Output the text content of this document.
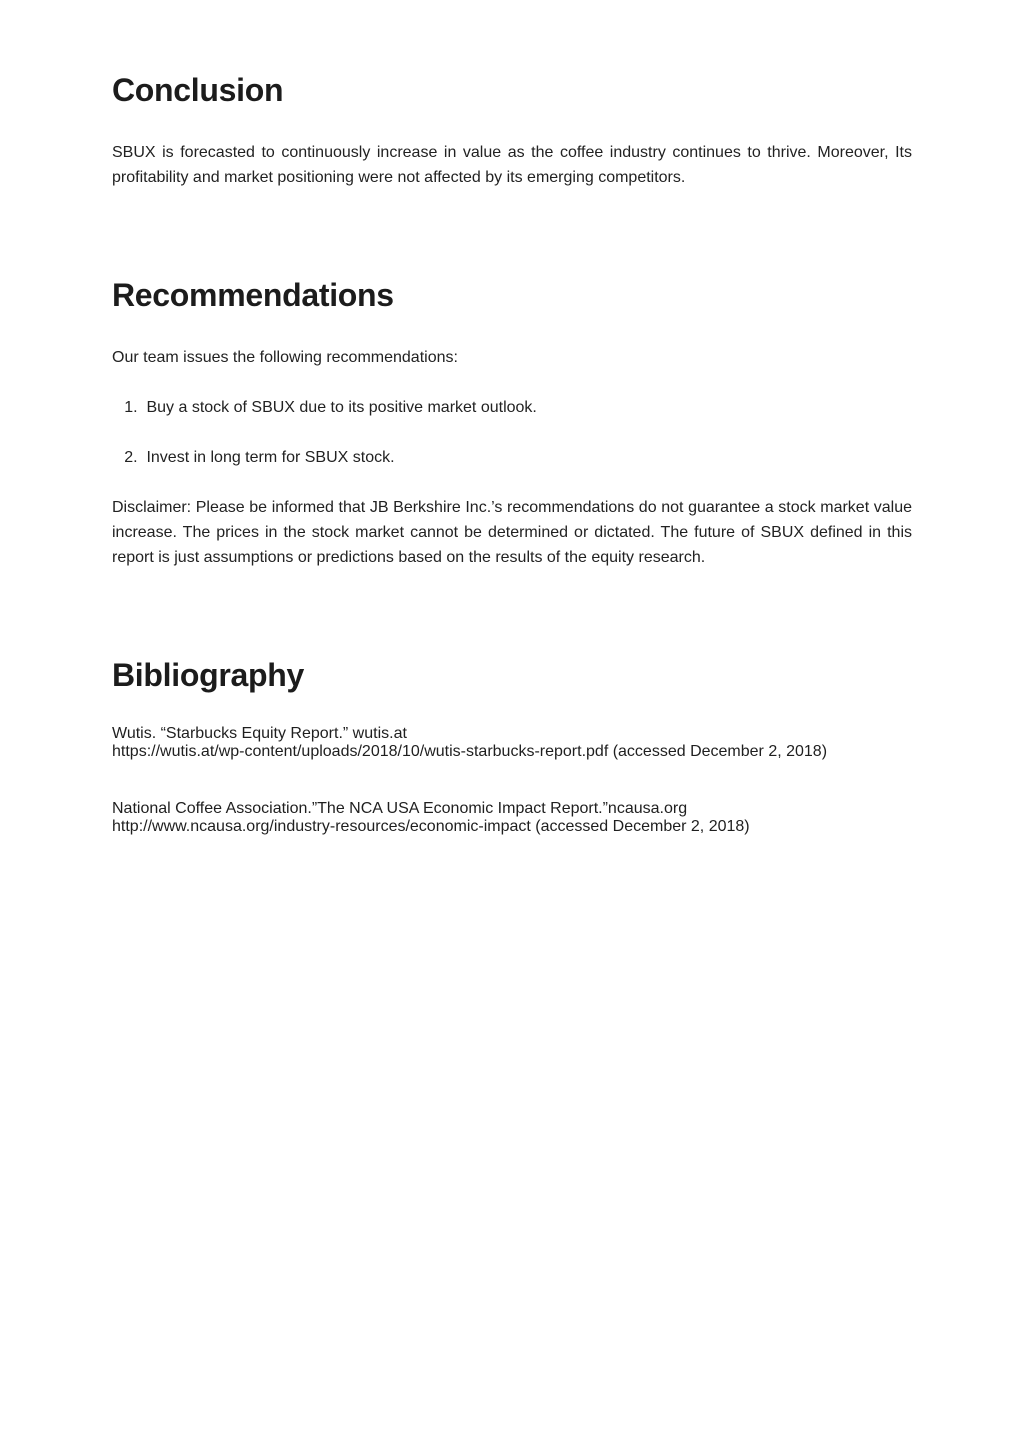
Conclusion

SBUX is forecasted to continuously increase in value as the coffee industry continues to thrive. Moreover, Its profitability and market positioning were not affected by its emerging competitors.

Recommendations

Our team issues the following recommendations:

1.  Buy a stock of SBUX due to its positive market outlook.
2.  Invest in long term for SBUX stock.

Disclaimer: Please be informed that JB Berkshire Inc.’s recommendations do not guarantee a stock market value increase. The prices in the stock market cannot be determined or dictated. The future of SBUX defined in this report is just assumptions or predictions based on the results of the equity research.

Bibliography
Wutis. “Starbucks Equity Report.” wutis.at
https://wutis.at/wp-content/uploads/2018/10/wutis-starbucks-report.pdf (accessed December 2, 2018)
National Coffee Association.”The NCA USA Economic Impact Report.”ncausa.org
http://www.ncausa.org/industry-resources/economic-impact (accessed December 2, 2018)
